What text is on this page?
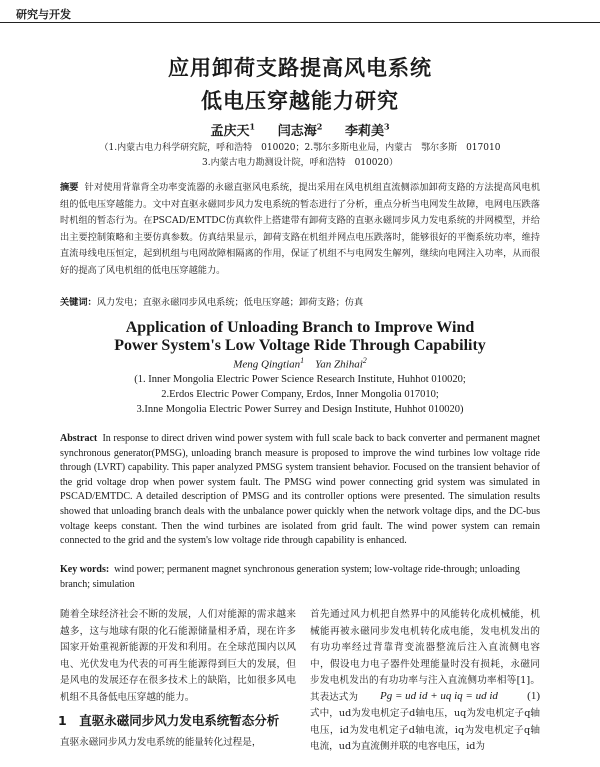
研究与开发
应用卸荷支路提高风电系统
低电压穿越能力研究
孟庆天$^1$ 闫志海$^2$ 李莉美$^3$
（1.内蒙古电力科学研究院，呼和浩特　010020；2.鄂尔多斯电业局，内蒙古　鄂尔多斯　017010
3.内蒙古电力勘测设计院，呼和浩特　010020）
摘要 针对使用背靠背全功率变流器的永磁直驱风电系统，提出采用在风电机组直流侧添加卸荷支路的方法提高风电机组的低电压穿越能力。文中对直驱永磁同步风力发电系统的暂态进行了分析，重点分析当电网发生故障，电网电压跌落时机组的暂态行为。在PSCAD/EMTDC仿真软件上搭建带有卸荷支路的直驱永磁同步风力发电系统的并网模型，并给出主要控制策略和主要仿真参数。仿真结果显示，卸荷支路在机组并网点电压跌落时，能够很好的平衡系统功率，维持直流母线电压恒定，起到机组与电网故障相隔离的作用，保证了机组不与电网发生解列，继续向电网注入功率，从而很好的提高了风电机组的低电压穿越能力。
关键词：风力发电；直驱永磁同步风电系统；低电压穿越；卸荷支路；仿真
Application of Unloading Branch to Improve Wind
Power System's Low Voltage Ride Through Capability
Meng Qingtian$^1$ Yan Zhihai$^2$
(1. Inner Mongolia Electric Power Science Research Institute, Huhhot 010020;
2.Erdos Electric Power Company, Erdos, Inner Mongolia 017010;
3.Inne Mongolia Electric Power Surrey and Design Institute, Huhhot 010020)
Abstract In response to direct driven wind power system with full scale back to back converter and permanent magnet synchronous generator(PMSG), unloading branch measure is proposed to improve the wind turbines low voltage ride through (LVRT) capability. This paper analyzed PMSG system transient behavior. Focused on the transient behavior of the grid voltage drop when power system fault. The PMSG wind power connecting grid system was simulated in PSCAD/EMTDC. A detailed description of PMSG and its controller options were presented. The simulation results showed that unloading branch deals with the unbalance power quickly when the network voltage dips, and the DC-bus voltage keeps constant. Then the wind turbines are isolated from grid fault. The wind power system can remain connected to the grid and the system's low voltage ride through capability is enhanced.
Key words: wind power; permanent magnet synchronous generation system; low-voltage ride-through; unloading branch; simulation
随着全球经济社会不断的发展，人们对能源的需求越来越多，这与地球有限的化石能源储量相矛盾，现在许多国家开始重视新能源的开发和利用。在全球范围内以风电、光伏发电为代表的可再生能源得到巨大的发展，但是风电的发展还存在很多技术上的缺陷，比如很多风电机组不具备低电压穿越的能力。
1　直驱永磁同步风力发电系统暂态分析
直驱永磁同步风力发电系统的能量转化过程是，
首先通过风力机把自然界中的风能转化成机械能，机械能再被永磁同步发电机转化成电能，发电机发出的有功功率经过背靠背变流器整流后注入直流侧电容中，假设电力电子器件处理能量时没有损耗，永磁同步发电机发出的有功功率与注入直流侧功率相等[1]。其表达式为	Pg = ud id + uq iq = ud id	(1)
式中，ud为发电机定子d轴电压，uq为发电机定子q轴电压，id为发电机定子d轴电流，iq为发电机定子q轴电流，ud为直流侧并联的电容电压，id为
